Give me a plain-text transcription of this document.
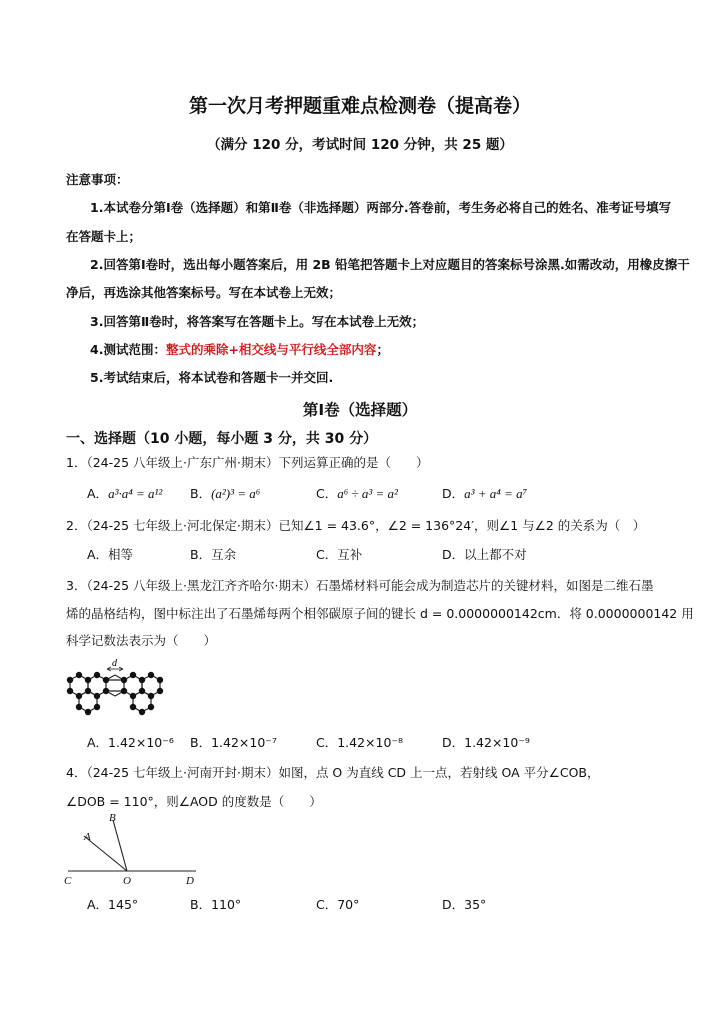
第一次月考押题重难点检测卷（提高卷）
（满分 120 分，考试时间 120 分钟，共 25 题）
注意事项：
1.本试卷分第Ⅰ卷（选择题）和第Ⅱ卷（非选择题）两部分.答卷前，考生务必将自己的姓名、准考证号填写
在答题卡上；
2.回答第Ⅰ卷时，选出每小题答案后，用 2B 铅笔把答题卡上对应题目的答案标号涂黑.如需改动，用橡皮擦干
净后，再选涂其他答案标号。写在本试卷上无效；
3.回答第Ⅱ卷时，将答案写在答题卡上。写在本试卷上无效；
4.测试范围：整式的乘除+相交线与平行线全部内容；
5.考试结束后，将本试卷和答题卡一并交回.
第Ⅰ卷（选择题）
一、选择题（10 小题，每小题 3 分，共 30 分）
1．（24-25 八年级上·广东广州·期末）下列运算正确的是（　　）
A．a³·a⁴ = a¹² B．(a²)³ = a⁶	C．a⁶ ÷ a³ = a²	D．a³ + a⁴ = a⁷
2．（24-25 七年级上·河北保定·期末）已知∠1 = 43.6°，∠2 = 136°24′，则∠1 与∠2 的关系为（　）
A．相等	B．互余	C．互补	D．以上都不对
3．（24-25 八年级上·黑龙江齐齐哈尔·期末）石墨烯材料可能会成为制造芯片的关键材料，如图是二维石墨
烯的晶格结构，图中标注出了石墨烯每两个相邻碳原子间的键长 d = 0.0000000142cm．将 0.0000000142 用
科学记数法表示为（　　）
d
A．1.42×10⁻⁶ B．1.42×10⁻⁷	C．1.42×10⁻⁸	D．1.42×10⁻⁹
4．（24-25 七年级上·河南开封·期末）如图，点 O 为直线 CD 上一点，若射线 OA 平分∠COB，
∠DOB = 110°，则∠AOD 的度数是（　　）
B
A
C	O	D
A．145°	B．110°	C．70°	D．35°
